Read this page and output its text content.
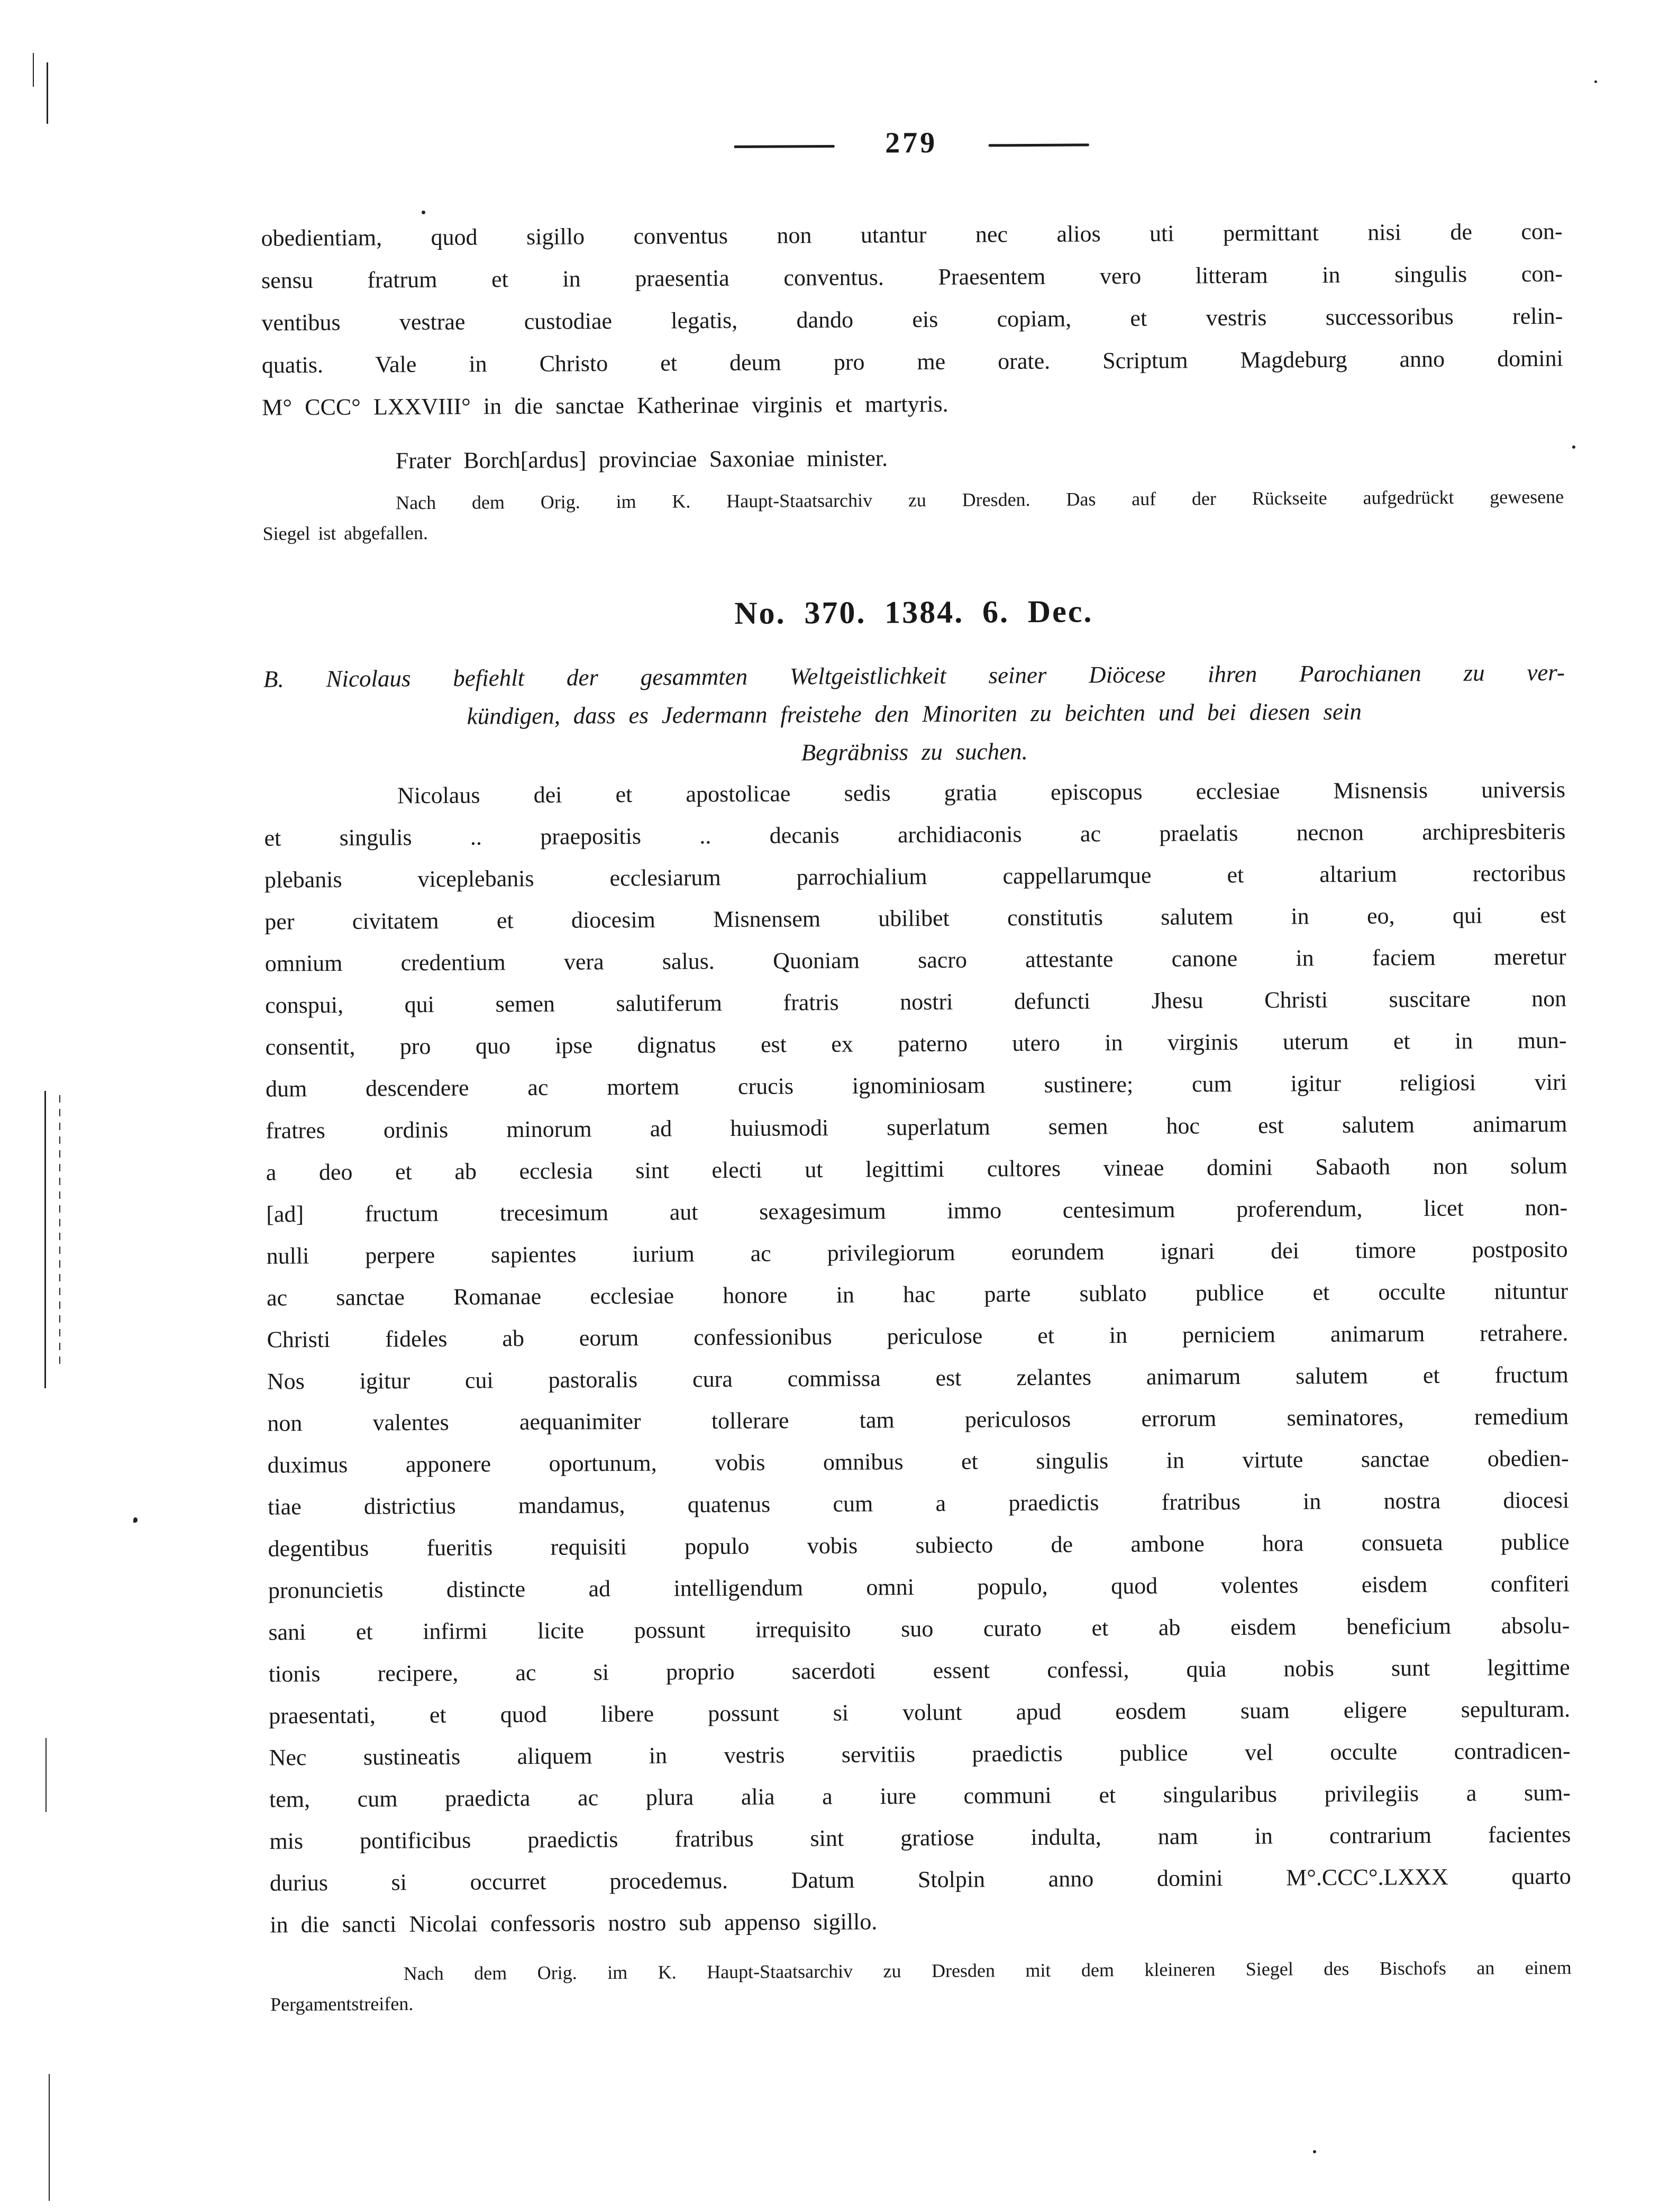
279
obedientiam, quod sigillo conventus non utantur nec alios uti permittant nisi de con-
sensu fratrum et in praesentia conventus. Praesentem vero litteram in singulis con-
ventibus vestrae custodiae legatis, dando eis copiam, et vestris successoribus relin-
quatis. Vale in Christo et deum pro me orate. Scriptum Magdeburg anno domini
M° CCC° LXXVIII° in die sanctae Katherinae virginis et martyris.
Frater Borch[ardus] provinciae Saxoniae minister.
Nach dem Orig. im K. Haupt-Staatsarchiv zu Dresden. Das auf der Rückseite aufgedrückt gewesene
Siegel ist abgefallen.
No. 370. 1384. 6. Dec.
B. Nicolaus befiehlt der gesammten Weltgeistlichkeit seiner Diöcese ihren Parochianen zu ver-
kündigen, dass es Jedermann freistehe den Minoriten zu beichten und bei diesen sein
Begräbniss zu suchen.
Nicolaus dei et apostolicae sedis gratia episcopus ecclesiae Misnensis universis
et singulis .. praepositis .. decanis archidiaconis ac praelatis necnon archipresbiteris
plebanis viceplebanis ecclesiarum parrochialium cappellarumque et altarium rectoribus
per civitatem et diocesim Misnensem ubilibet constitutis salutem in eo, qui est
omnium credentium vera salus. Quoniam sacro attestante canone in faciem meretur
conspui, qui semen salutiferum fratris nostri defuncti Jhesu Christi suscitare non
consentit, pro quo ipse dignatus est ex paterno utero in virginis uterum et in mun-
dum descendere ac mortem crucis ignominiosam sustinere; cum igitur religiosi viri
fratres ordinis minorum ad huiusmodi superlatum semen hoc est salutem animarum
a deo et ab ecclesia sint electi ut legittimi cultores vineae domini Sabaoth non solum
[ad] fructum trecesimum aut sexagesimum immo centesimum proferendum, licet non-
nulli perpere sapientes iurium ac privilegiorum eorundem ignari dei timore postposito
ac sanctae Romanae ecclesiae honore in hac parte sublato publice et occulte nituntur
Christi fideles ab eorum confessionibus periculose et in perniciem animarum retrahere.
Nos igitur cui pastoralis cura commissa est zelantes animarum salutem et fructum
non valentes aequanimiter tollerare tam periculosos errorum seminatores, remedium
duximus apponere oportunum, vobis omnibus et singulis in virtute sanctae obedien-
tiae districtius mandamus, quatenus cum a praedictis fratribus in nostra diocesi
degentibus fueritis requisiti populo vobis subiecto de ambone hora consueta publice
pronuncietis distincte ad intelligendum omni populo, quod volentes eisdem confiteri
sani et infirmi licite possunt irrequisito suo curato et ab eisdem beneficium absolu-
tionis recipere, ac si proprio sacerdoti essent confessi, quia nobis sunt legittime
praesentati, et quod libere possunt si volunt apud eosdem suam eligere sepulturam.
Nec sustineatis aliquem in vestris servitiis praedictis publice vel occulte contradicen-
tem, cum praedicta ac plura alia a iure communi et singularibus privilegiis a sum-
mis pontificibus praedictis fratribus sint gratiose indulta, nam in contrarium facientes
durius si occurret procedemus. Datum Stolpin anno domini M°.CCC°.LXXX quarto
in die sancti Nicolai confessoris nostro sub appenso sigillo.
Nach dem Orig. im K. Haupt-Staatsarchiv zu Dresden mit dem kleineren Siegel des Bischofs an einem
Pergamentstreifen.
